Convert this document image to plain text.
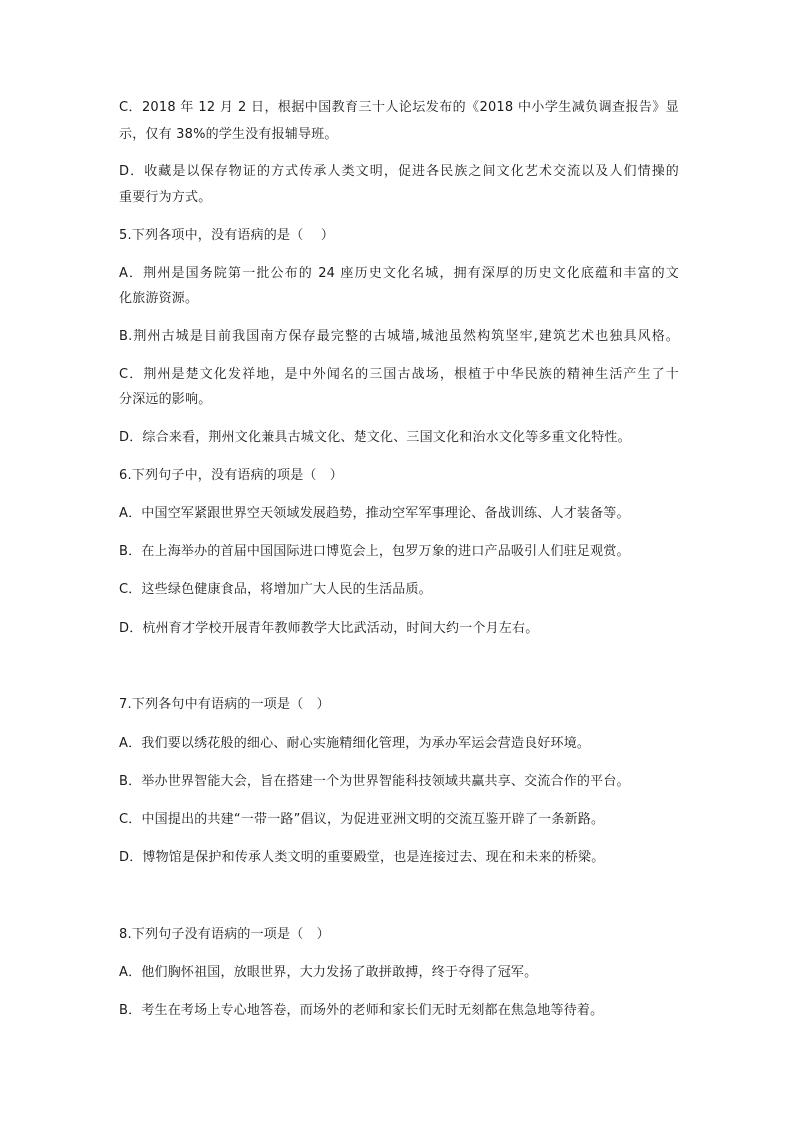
C．2018 年 12 月 2 日，根据中国教育三十人论坛发布的《2018 中小学生减负调查报告》显
示，仅有 38%的学生没有报辅导班。
D．收藏是以保存物证的方式传承人类文明，促进各民族之间文化艺术交流以及人们情操的
重要行为方式。
5.下列各项中，没有语病的是（　 ）
A．荆州是国务院第一批公布的 24 座历史文化名城，拥有深厚的历史文化底蕴和丰富的文
化旅游资源。
B.荆州古城是目前我国南方保存最完整的古城墙,城池虽然构筑坚牢,建筑艺术也独具风格。
C．荆州是楚文化发祥地，是中外闻名的三国古战场，根植于中华民族的精神生活产生了十
分深远的影响。
D．综合来看，荆州文化兼具古城文化、楚文化、三国文化和治水文化等多重文化特性。
6.下列句子中，没有语病的项是（　）
A．中国空军紧跟世界空天领域发展趋势，推动空军军事理论、备战训练、人才装备等。
B．在上海举办的首届中国国际进口博览会上，包罗万象的进口产品吸引人们驻足观赏。
C．这些绿色健康食品，将增加广大人民的生活品质。
D．杭州育才学校开展青年教师教学大比武活动，时间大约一个月左右。
7.下列各句中有语病的一项是（　）
A．我们要以绣花般的细心、耐心实施精细化管理，为承办军运会营造良好环境。
B．举办世界智能大会，旨在搭建一个为世界智能科技领域共赢共享、交流合作的平台。
C．中国提出的共建“一带一路”倡议，为促进亚洲文明的交流互鉴开辟了一条新路。
D．博物馆是保护和传承人类文明的重要殿堂，也是连接过去、现在和未来的桥梁。
8.下列句子没有语病的一项是（　）
A．他们胸怀祖国，放眼世界，大力发扬了敢拼敢搏，终于夺得了冠军。
B．考生在考场上专心地答卷，而场外的老师和家长们无时无刻都在焦急地等待着。
